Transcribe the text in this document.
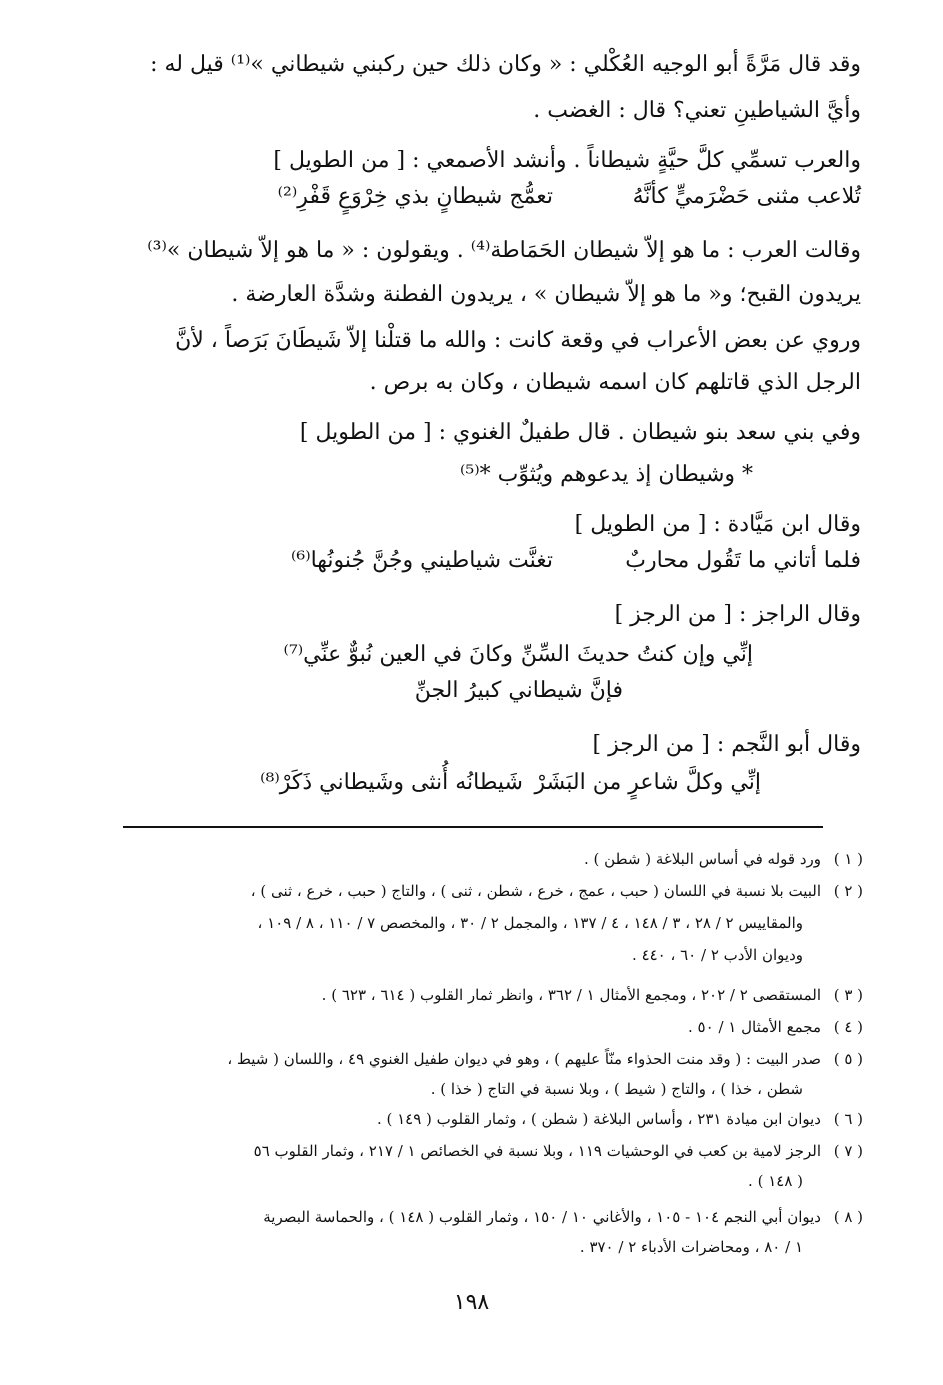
وقد قال مَرَّةً أبو الوجيه العُكْلي : « وكان ذلك حين ركبني شيطاني »⁽¹⁾ قيل له :
وأيَّ الشياطينِ تعني؟ قال : الغضب .
والعرب تسمِّي كلَّ حيَّةٍ شيطاناً . وأنشد الأصمعي : [ من الطويل ]
تُلاعب مثنى حَضْرَميٍّ كأنَّهُ
تعمُّج شيطانٍ بذي خِرْوَعٍ قَفْرِ⁽²⁾
وقالت العرب : ما هو إلاّ شيطان الحَمَاطة⁽⁴⁾ . ويقولون : « ما هو إلاّ شيطان »⁽³⁾
يريدون القبح؛ و« ما هو إلاّ شيطان » ، يريدون الفطنة وشدَّة العارضة .
وروي عن بعض الأعراب في وقعة كانت : والله ما قتلْنا إلاّ شَيطَانَ بَرَصاً ، لأنَّ
الرجل الذي قاتلهم كان اسمه شيطان ، وكان به برص .
وفي بني سعد بنو شيطان . قال طفيلٌ الغنوي : [ من الطويل ]
* وشيطان إذ يدعوهم ويُثوِّب *⁽⁵⁾
وقال ابن مَيَّادة : [ من الطويل ]
فلما أتاني ما تَقُول محاربٌ
تغنَّت شياطيني وجُنَّ جُنونُها⁽⁶⁾
وقال الراجز : [ من الرجز ]
إنِّي وإن كنتُ حديثَ السِّنِّ
وكانَ في العين نُبوٌّ عنِّي⁽⁷⁾
فإنَّ شيطاني كبيرُ الجنِّ
وقال أبو النَّجم : [ من الرجز ]
إنِّي وكلَّ شاعرٍ من البَشَرْ
شَيطانُه أُنثى وشَيطاني ذَكَرْ⁽⁸⁾
( ١ )
ورد قوله في أساس البلاغة ( شطن ) .
( ٢ )
البيت بلا نسبة في اللسان ( حبب ، عمج ، خرع ، شطن ، ثنى ) ، والتاج ( حبب ، خرع ، ثنى ) ،
والمقاييس ٢ / ٢٨ ، ٣ / ١٤٨ ، ٤ / ١٣٧ ، والمجمل ٢ / ٣٠ ، والمخصص ٧ / ١١٠ ، ٨ / ١٠٩ ،
وديوان الأدب ٢ / ٦٠ ، ٤٤٠ .
( ٣ )
المستقصى ٢ / ٢٠٢ ، ومجمع الأمثال ١ / ٣٦٢ ، وانظر ثمار القلوب ( ٦١٤ ، ٦٢٣ ) .
( ٤ )
مجمع الأمثال ١ / ٥٠ .
( ٥ )
صدر البيت : ( وقد منت الحذواء منّاً عليهم ) ، وهو في ديوان طفيل الغنوي ٤٩ ، واللسان ( شيط ،
شطن ، خذا ) ، والتاج ( شيط ) ، وبلا نسبة في التاج ( خذا ) .
( ٦ )
ديوان ابن ميادة ٢٣١ ، وأساس البلاغة ( شطن ) ، وثمار القلوب ( ١٤٩ ) .
( ٧ )
الرجز لامية بن كعب في الوحشيات ١١٩ ، وبلا نسبة في الخصائص ١ / ٢١٧ ، وثمار القلوب ٥٦
( ١٤٨ ) .
( ٨ )
ديوان أبي النجم ١٠٤ - ١٠٥ ، والأغاني ١٠ / ١٥٠ ، وثمار القلوب ( ١٤٨ ) ، والحماسة البصرية
١ / ٨٠ ، ومحاضرات الأدباء ٢ / ٣٧٠ .
١٩٨
